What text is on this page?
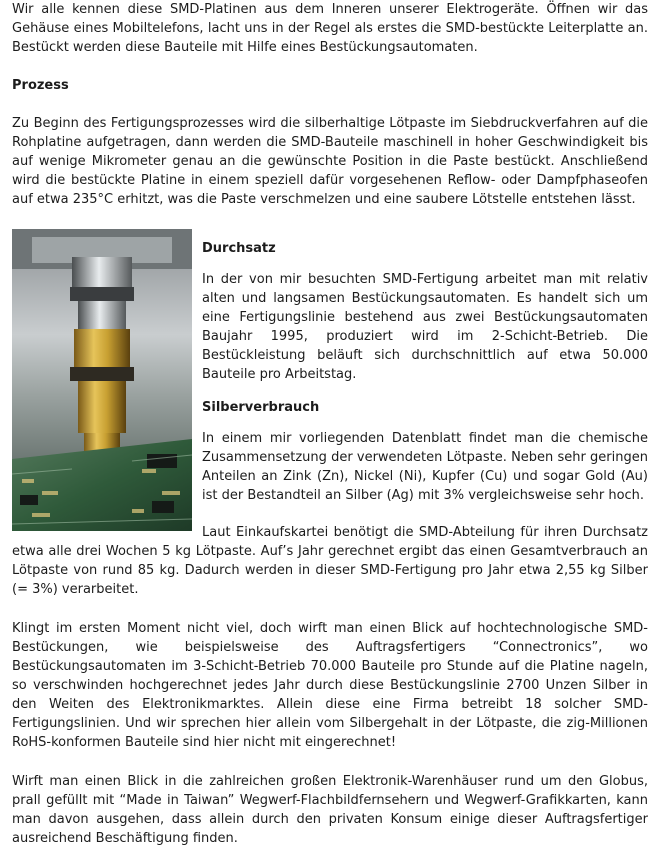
Wir alle kennen diese SMD-Platinen aus dem Inneren unserer Elektrogeräte. Öffnen wir das Gehäuse eines Mobiltelefons, lacht uns in der Regel als erstes die SMD-bestückte Leiterplatte an. Bestückt werden diese Bauteile mit Hilfe eines Bestückungsautomaten.

Prozess

Zu Beginn des Fertigungsprozesses wird die silberhaltige Lötpaste im Siebdruckverfahren auf die Rohplatine aufgetragen, dann werden die SMD-Bauteile maschinell in hoher Geschwindigkeit bis auf wenige Mikrometer genau an die gewünschte Position in die Paste bestückt. Anschließend wird die bestückte Platine in einem speziell dafür vorgesehenen Reflow- oder Dampfphaseofen auf etwa 235°C erhitzt, was die Paste verschmelzen und eine saubere Lötstelle entstehen lässt.

Durchsatz

In der von mir besuchten SMD-Fertigung arbeitet man mit relativ alten und langsamen Bestückungsautomaten. Es handelt sich um eine Fertigungslinie bestehend aus zwei Bestückungsautomaten Baujahr 1995, produziert wird im 2-Schicht-Betrieb. Die Bestückleistung beläuft sich durchschnittlich auf etwa 50.000 Bauteile pro Arbeitstag.

Silberverbrauch

In einem mir vorliegenden Datenblatt findet man die chemische Zusammensetzung der verwendeten Lötpaste. Neben sehr geringen Anteilen an Zink (Zn), Nickel (Ni), Kupfer (Cu) und sogar Gold (Au) ist der Bestandteil an Silber (Ag) mit 3% vergleichsweise sehr hoch.

Laut Einkaufskartei benötigt die SMD-Abteilung für ihren Durchsatz etwa alle drei Wochen 5 kg Lötpaste. Auf’s Jahr gerechnet ergibt das einen Gesamtverbrauch an Lötpaste von rund 85 kg. Dadurch werden in dieser SMD-Fertigung pro Jahr etwa 2,55 kg Silber (= 3%) verarbeitet.

Klingt im ersten Moment nicht viel, doch wirft man einen Blick auf hochtechnologische SMD-Bestückungen, wie beispielsweise des Auftragsfertigers “Connectronics”, wo Bestückungsautomaten im 3-Schicht-Betrieb 70.000 Bauteile pro Stunde auf die Platine nageln, so verschwinden hochgerechnet jedes Jahr durch diese Bestückungslinie 2700 Unzen Silber in den Weiten des Elektronikmarktes. Allein diese eine Firma betreibt 18 solcher SMD-Fertigungslinien. Und wir sprechen hier allein vom Silbergehalt in der Lötpaste, die zig-Millionen RoHS-konformen Bauteile sind hier nicht mit eingerechnet!

Wirft man einen Blick in die zahlreichen großen Elektronik-Warenhäuser rund um den Globus, prall gefüllt mit “Made in Taiwan” Wegwerf-Flachbildfernsehern und Wegwerf-Grafikkarten, kann man davon ausgehen, dass allein durch den privaten Konsum einige dieser Auftragsfertiger ausreichend Beschäftigung finden.
